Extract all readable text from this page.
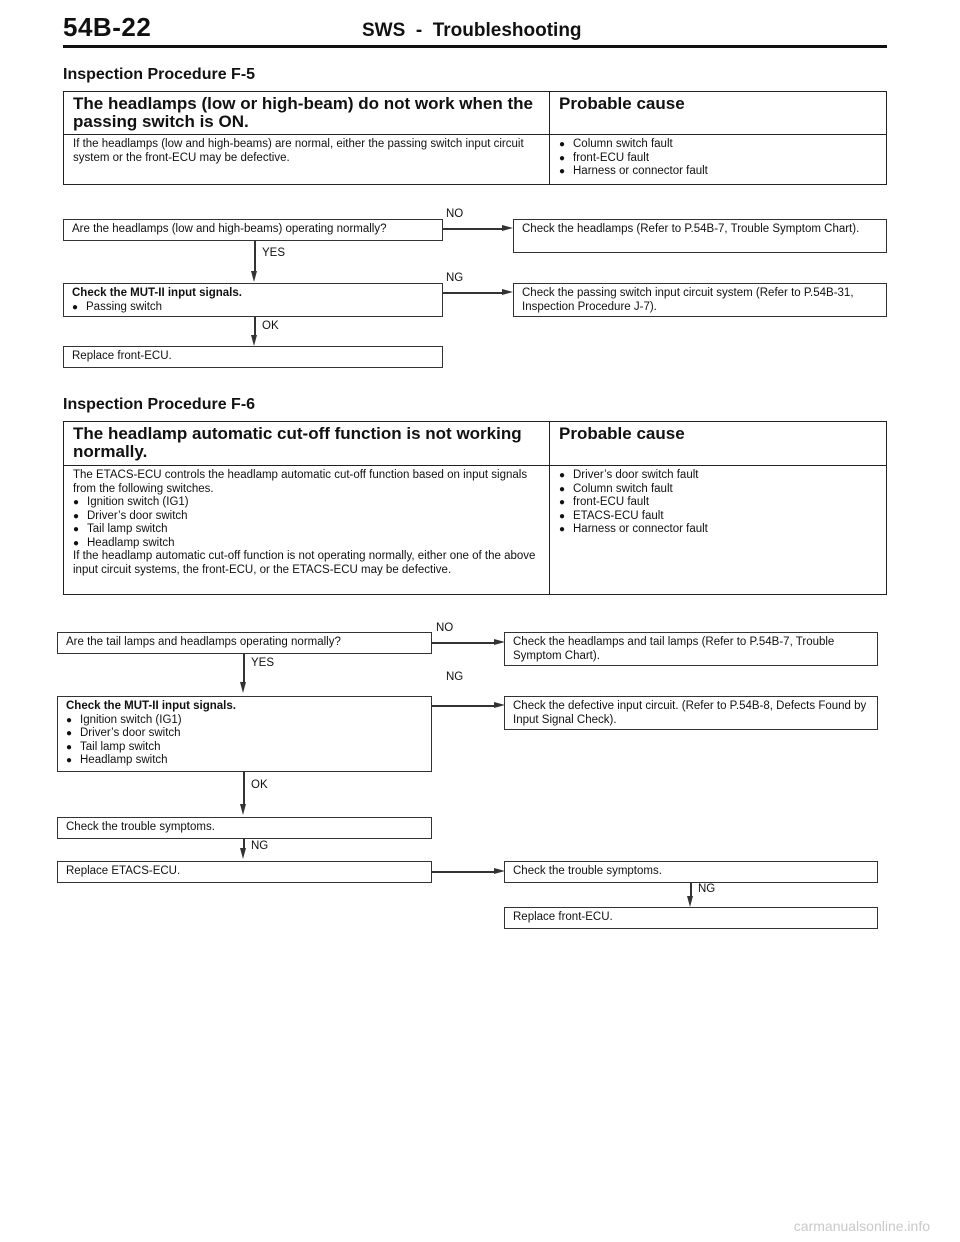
54B-22	SWS  -  Troubleshooting
Inspection Procedure F-5
The headlamps (low or high-beam) do not work when the passing switch is ON.
Probable cause
If the headlamps (low and high-beams) are normal, either the passing switch input circuit system or the front-ECU may be defective.
● Column switch fault
● front-ECU fault
● Harness or connector fault
Are the headlamps (low and high-beams) operating normally?
NO
Check the headlamps (Refer to P.54B-7, Trouble Symptom Chart).
YES
Check the MUT-II input signals.
● Passing switch
NG
Check the passing switch input circuit system (Refer to P.54B-31, Inspection Procedure J-7).
OK
Replace front-ECU.
Inspection Procedure F-6
The headlamp automatic cut-off function is not working normally.
Probable cause
The ETACS-ECU controls the headlamp automatic cut-off function based on input signals from the following switches.
● Ignition switch (IG1)
● Driver’s door switch
● Tail lamp switch
● Headlamp switch
If the headlamp automatic cut-off function is not operating normally, either one of the above input circuit systems, the front-ECU, or the ETACS-ECU may be defective.
● Driver’s door switch fault
● Column switch fault
● front-ECU fault
● ETACS-ECU fault
● Harness or connector fault
Are the tail lamps and headlamps operating normally?
NO
Check the headlamps and tail lamps (Refer to P.54B-7, Trouble Symptom Chart).
YES
Check the MUT-II input signals.
● Ignition switch (IG1)
● Driver’s door switch
● Tail lamp switch
● Headlamp switch
NG
Check the defective input circuit. (Refer to P.54B-8, Defects Found by Input Signal Check).
OK
Check the trouble symptoms.
NG
Replace ETACS-ECU.	Check the trouble symptoms.
NG
Replace front-ECU.
carmanualsonline.info
